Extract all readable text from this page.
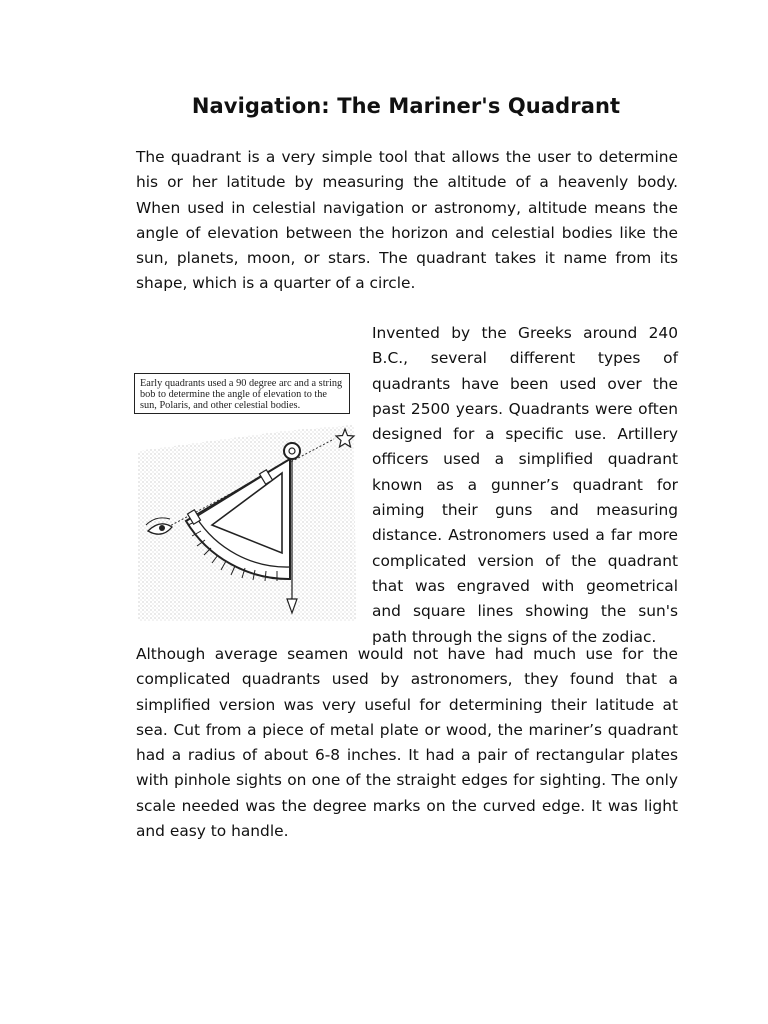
Navigation: The Mariner's Quadrant
The quadrant is a very simple tool that allows the user to determine his or her latitude by measuring the altitude of a heavenly body. When used in celestial navigation or astronomy, altitude means the angle of elevation between the horizon and celestial bodies like the sun, planets, moon, or stars. The quadrant takes it name from its shape, which is a quarter of a circle.
Invented by the Greeks around 240 B.C., several different types of quadrants have been used over the past 2500 years. Quadrants were often designed for a specific use. Artillery officers used a simplified quadrant known as a gunner’s quadrant for aiming their guns and measuring distance. Astronomers used a far more complicated version of the quadrant that was engraved with geometrical and square lines showing the sun's path through the signs of the zodiac.
Although average seamen would not have had much use for the complicated quadrants used by astronomers, they found that a simplified version was very useful for determining their latitude at sea. Cut from a piece of metal plate or wood, the mariner’s quadrant had a radius of about 6-8 inches. It had a pair of rectangular plates with pinhole sights on one of the straight edges for sighting. The only scale needed was the degree marks on the curved edge. It was light and easy to handle.
Early quadrants used a 90 degree arc and a string bob to determine the angle of elevation to the sun, Polaris, and other celestial bodies.
